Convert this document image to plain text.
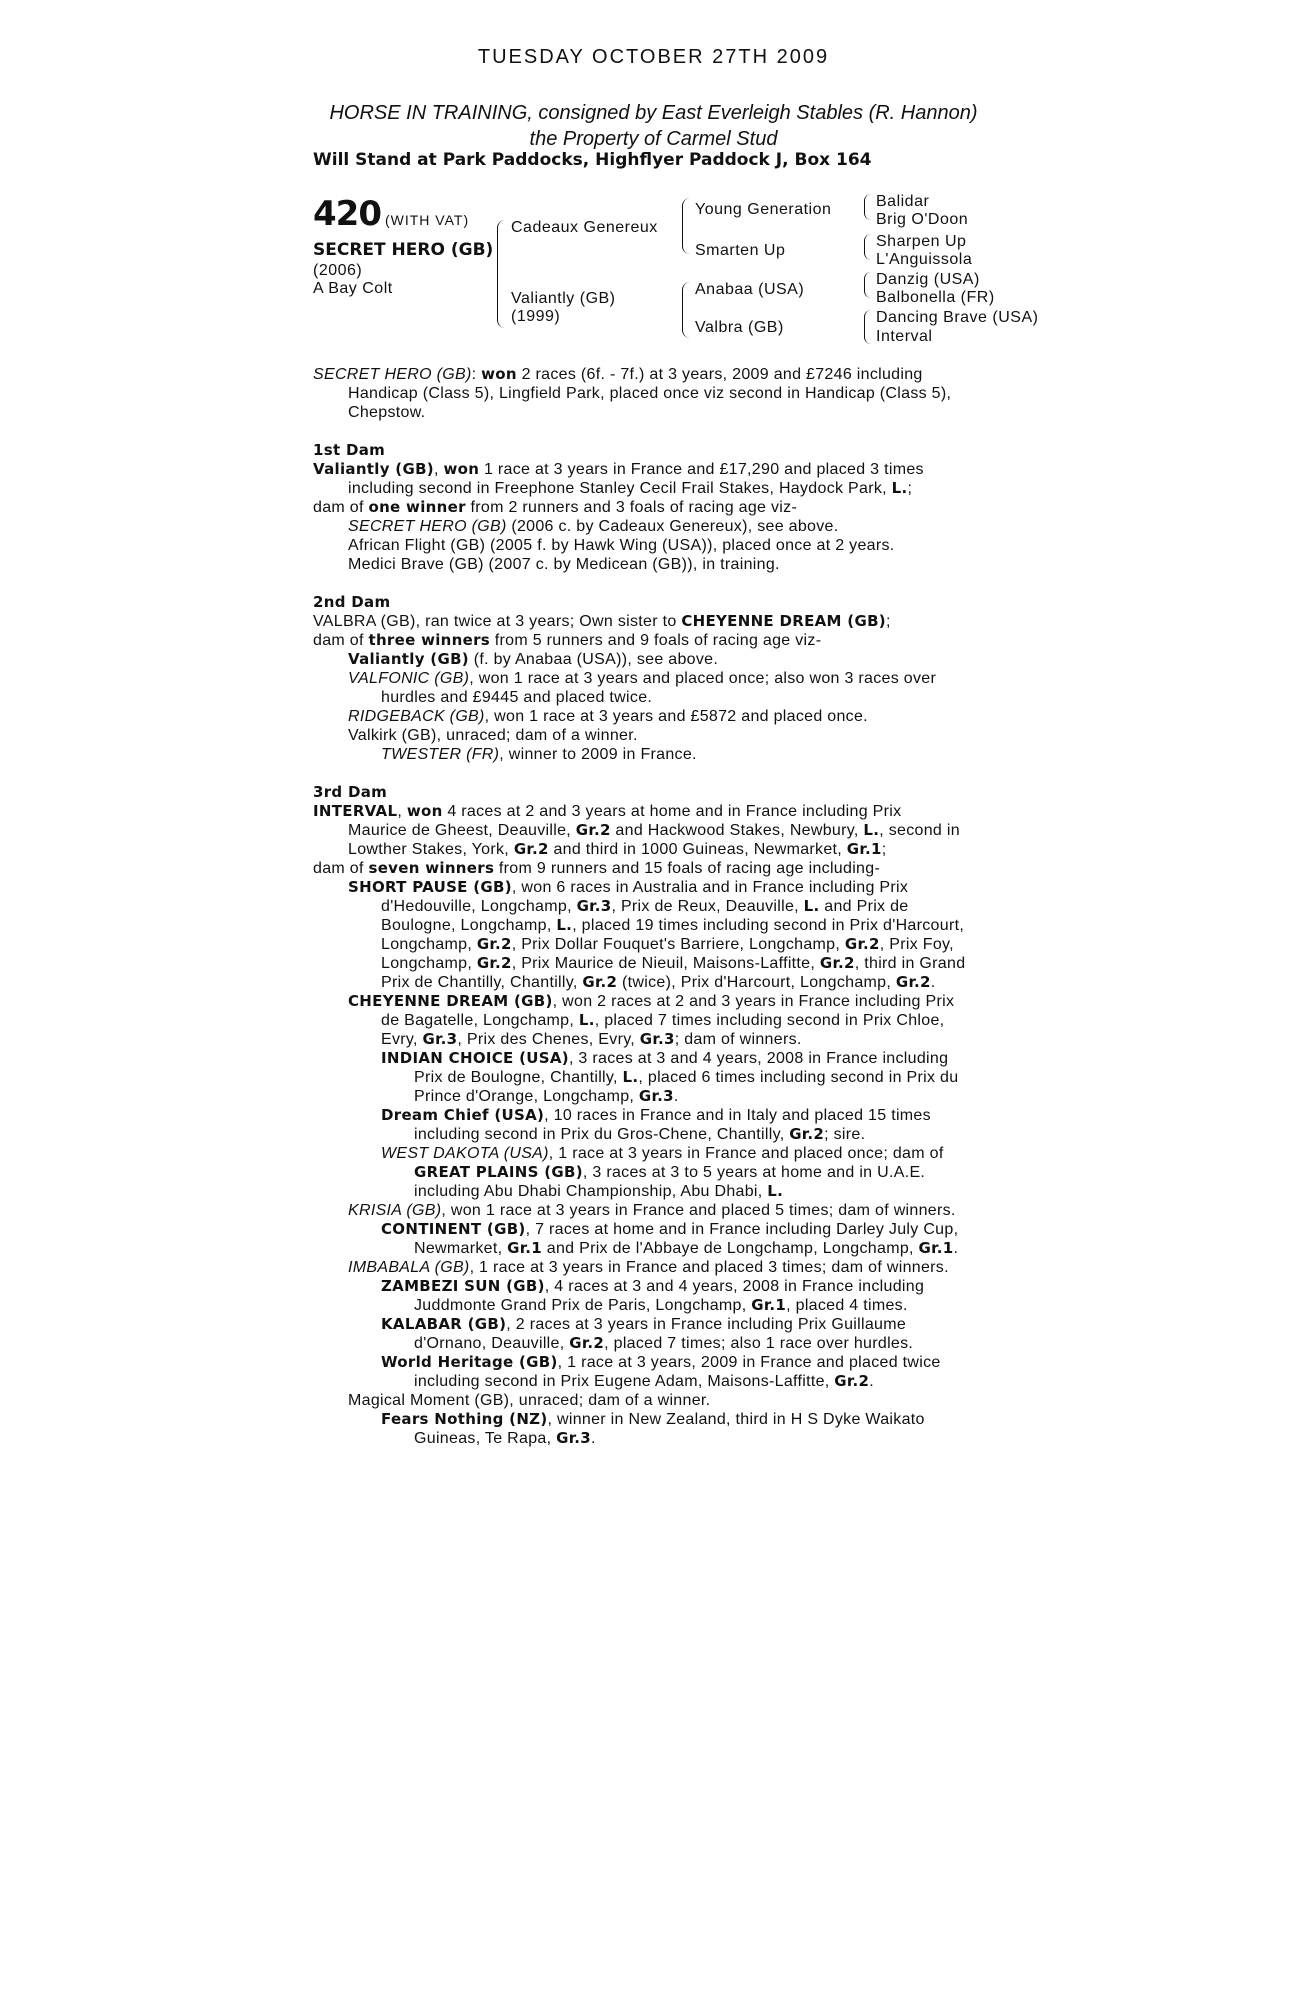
TUESDAY OCTOBER 27TH 2009
HORSE IN TRAINING, consigned by East Everleigh Stables (R. Hannon)
the Property of Carmel Stud
Will Stand at Park Paddocks, Highflyer Paddock J, Box 164
420 (WITH VAT)
SECRET HERO (GB)
(2006)
A Bay Colt
Cadeaux Genereux
Valiantly (GB)
(1999)
Young Generation
Smarten Up
Anabaa (USA)
Valbra (GB)
Balidar
Brig O'Doon
Sharpen Up
L'Anguissola
Danzig (USA)
Balbonella (FR)
Dancing Brave (USA)
Interval
SECRET HERO (GB): won 2 races (6f. - 7f.) at 3 years, 2009 and £7246 including
Handicap (Class 5), Lingfield Park, placed once viz second in Handicap (Class 5),
Chepstow.
1st Dam
Valiantly (GB), won 1 race at 3 years in France and £17,290 and placed 3 times
including second in Freephone Stanley Cecil Frail Stakes, Haydock Park, L.;
dam of one winner from 2 runners and 3 foals of racing age viz-
SECRET HERO (GB) (2006 c. by Cadeaux Genereux), see above.
African Flight (GB) (2005 f. by Hawk Wing (USA)), placed once at 2 years.
Medici Brave (GB) (2007 c. by Medicean (GB)), in training.
2nd Dam
VALBRA (GB), ran twice at 3 years; Own sister to CHEYENNE DREAM (GB);
dam of three winners from 5 runners and 9 foals of racing age viz-
Valiantly (GB) (f. by Anabaa (USA)), see above.
VALFONIC (GB), won 1 race at 3 years and placed once; also won 3 races over
hurdles and £9445 and placed twice.
RIDGEBACK (GB), won 1 race at 3 years and £5872 and placed once.
Valkirk (GB), unraced; dam of a winner.
TWESTER (FR), winner to 2009 in France.
3rd Dam
INTERVAL, won 4 races at 2 and 3 years at home and in France including Prix
Maurice de Gheest, Deauville, Gr.2 and Hackwood Stakes, Newbury, L., second in
Lowther Stakes, York, Gr.2 and third in 1000 Guineas, Newmarket, Gr.1;
dam of seven winners from 9 runners and 15 foals of racing age including-
SHORT PAUSE (GB), won 6 races in Australia and in France including Prix
d'Hedouville, Longchamp, Gr.3, Prix de Reux, Deauville, L. and Prix de
Boulogne, Longchamp, L., placed 19 times including second in Prix d'Harcourt,
Longchamp, Gr.2, Prix Dollar Fouquet's Barriere, Longchamp, Gr.2, Prix Foy,
Longchamp, Gr.2, Prix Maurice de Nieuil, Maisons-Laffitte, Gr.2, third in Grand
Prix de Chantilly, Chantilly, Gr.2 (twice), Prix d'Harcourt, Longchamp, Gr.2.
CHEYENNE DREAM (GB), won 2 races at 2 and 3 years in France including Prix
de Bagatelle, Longchamp, L., placed 7 times including second in Prix Chloe,
Evry, Gr.3, Prix des Chenes, Evry, Gr.3; dam of winners.
INDIAN CHOICE (USA), 3 races at 3 and 4 years, 2008 in France including
Prix de Boulogne, Chantilly, L., placed 6 times including second in Prix du
Prince d'Orange, Longchamp, Gr.3.
Dream Chief (USA), 10 races in France and in Italy and placed 15 times
including second in Prix du Gros-Chene, Chantilly, Gr.2; sire.
WEST DAKOTA (USA), 1 race at 3 years in France and placed once; dam of
GREAT PLAINS (GB), 3 races at 3 to 5 years at home and in U.A.E.
including Abu Dhabi Championship, Abu Dhabi, L.
KRISIA (GB), won 1 race at 3 years in France and placed 5 times; dam of winners.
CONTINENT (GB), 7 races at home and in France including Darley July Cup,
Newmarket, Gr.1 and Prix de l'Abbaye de Longchamp, Longchamp, Gr.1.
IMBABALA (GB), 1 race at 3 years in France and placed 3 times; dam of winners.
ZAMBEZI SUN (GB), 4 races at 3 and 4 years, 2008 in France including
Juddmonte Grand Prix de Paris, Longchamp, Gr.1, placed 4 times.
KALABAR (GB), 2 races at 3 years in France including Prix Guillaume
d'Ornano, Deauville, Gr.2, placed 7 times; also 1 race over hurdles.
World Heritage (GB), 1 race at 3 years, 2009 in France and placed twice
including second in Prix Eugene Adam, Maisons-Laffitte, Gr.2.
Magical Moment (GB), unraced; dam of a winner.
Fears Nothing (NZ), winner in New Zealand, third in H S Dyke Waikato
Guineas, Te Rapa, Gr.3.
